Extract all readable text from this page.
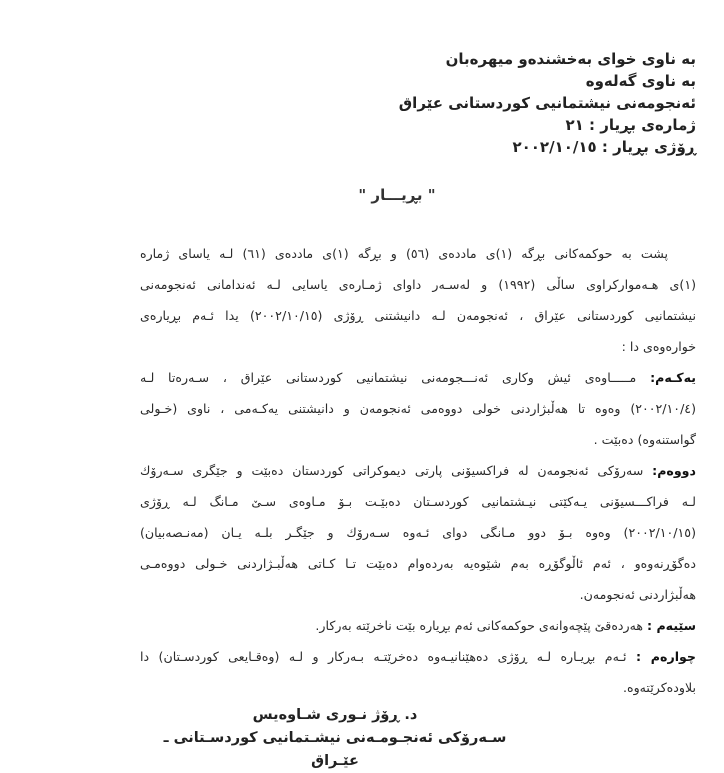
بە ناوی خوای بەخشندەو میهرەبان
بە ناوی گەلەوە
ئەنجومەنی نیشتمانیی کوردستانی عێراق
ژمارەی بڕیار : ٢١
ڕۆژی بڕیار : ٢٠٠٢/١٠/١٥
" بڕیـــار "
پشت بە حوکمەکانی بڕگە (١)ی ماددەی (٥٦) و بڕگە (١)ی ماددەی (٦١) لـە یاسای ژمارە
(١)ی هـەموارکراوی ساڵی (١٩٩٢) و لەسـەر داوای ژمـارەی یاسایی لـە ئەندامانی ئەنجومەنی
نیشتمانیی کوردستانی عێراق ، ئەنجومەن لـە دانیشتنی ڕۆژی (٢٠٠٢/١٠/١٥) یدا ئـەم بڕیارەی
خوارەوەی دا :
یەکـەم: مـــــاوەی ئیش وکاری ئەنـــجومەنی نیشتمانیی کوردستانی عێراق ، سـەرەتا لـە
(٢٠٠٢/١٠/٤) وەوە تا هەڵبژاردنی خولی دووەمی ئەنجومەن و دانیشتنی یەکـەمی ، ناوی (خـولی
گواستنەوە) دەبێت .
دووەم: سەرۆکی ئەنجومەن لە فراکسیۆنی پارتی دیموکراتی کوردستان دەبێت و جێگری سـەرۆك
لـە فراکـــسیۆنی یـەکێتی نیـشتمانیی کوردسـتان دەبێـت بـۆ مـاوەی سـێ مـانگ لـە ڕۆژی
(٢٠٠٢/١٠/١٥) وەوە بـۆ دوو مـانگی دوای ئـەوە سـەرۆك و جێگـر بلـە یـان (مەنـصەبیان)
دەگۆڕنەوەو ، ئەم ئاڵوگۆڕە بەم شێوەیە بەردەوام دەبێت تـا کـاتی هەڵبـژاردنی خـولی دووەمـی
هەڵبژاردنی ئەنجومەن.
سێیەم : هەردەقێ پێچەوانەی حوکمەکانی ئەم بڕیارە بێت ناخرێتە بەرکار.
چوارەم : ئـەم بڕیـارە لـە ڕۆژی دەهێنانیـەوە دەخرێتـە بـەرکار و لـە (وەقـایعی کوردسـتان) دا
بلاودەکرێتەوە.
د. ڕۆژ نـوری شـاوەیس
سـەرۆکی ئەنجـومـەنی نیشـتمانیی کوردسـتانی ـ عێـراق
